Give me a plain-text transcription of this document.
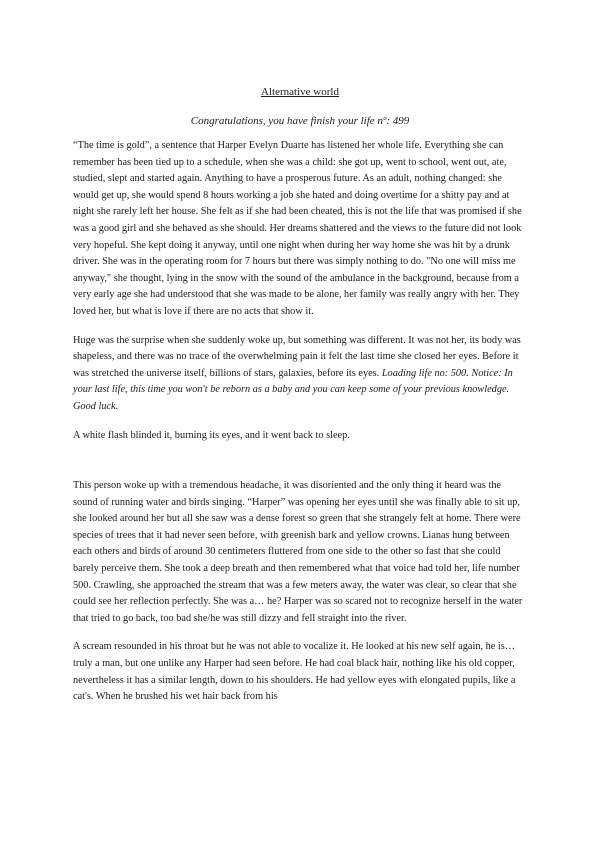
Alternative world
Congratulations, you have finish your life nº: 499

“The time is gold”, a sentence that Harper Evelyn Duarte has listened her whole life. Everything she can remember has been tied up to a schedule, when she was a child: she got up, went to school, went out, ate, studied, slept and started again. Anything to have a prosperous future. As an adult, nothing changed: she would get up, she would spend 8 hours working a job she hated and doing overtime for a shitty pay and at night she rarely left her house. She felt as if she had been cheated, this is not the life that was promised if she was a good girl and she behaved as she should. Her dreams shattered and the views to the future did not look very hopeful. She kept doing it anyway, until one night when during her way home she was hit by a drunk driver. She was in the operating room for 7 hours but there was simply nothing to do. "No one will miss me anyway," she thought, lying in the snow with the sound of the ambulance in the background, because from a very early age she had understood that she was made to be alone, her family was really angry with her. They loved her, but what is love if there are no acts that show it.

Huge was the surprise when she suddenly woke up, but something was different. It was not her, its body was shapeless, and there was no trace of the overwhelming pain it felt the last time she closed her eyes. Before it was stretched the universe itself, billions of stars, galaxies, before its eyes. Loading life no: 500. Notice: In your last life, this time you won't be reborn as a baby and you can keep some of your previous knowledge. Good luck.

A white flash blinded it, burning its eyes, and it went back to sleep.

This person woke up with a tremendous headache, it was disoriented and the only thing it heard was the sound of running water and birds singing. “Harper” was opening her eyes until she was finally able to sit up, she looked around her but all she saw was a dense forest so green that she strangely felt at home. There were species of trees that it had never seen before, with greenish bark and yellow crowns. Lianas hung between each others and birds of around 30 centimeters fluttered from one side to the other so fast that she could barely perceive them. She took a deep breath and then remembered what that voice had told her, life number 500. Crawling, she approached the stream that was a few meters away, the water was clear, so clear that she could see her reflection perfectly. She was a… he? Harper was so scared not to recognize herself in the water that tried to go back, too bad she/he was still dizzy and fell straight into the river.

A scream resounded in his throat but he was not able to vocalize it. He looked at his new self again, he is…truly a man, but one unlike any Harper had seen before. He had coal black hair, nothing like his old copper, nevertheless it has a similar length, down to his shoulders. He had yellow eyes with elongated pupils, like a cat's. When he brushed his wet hair back from his
